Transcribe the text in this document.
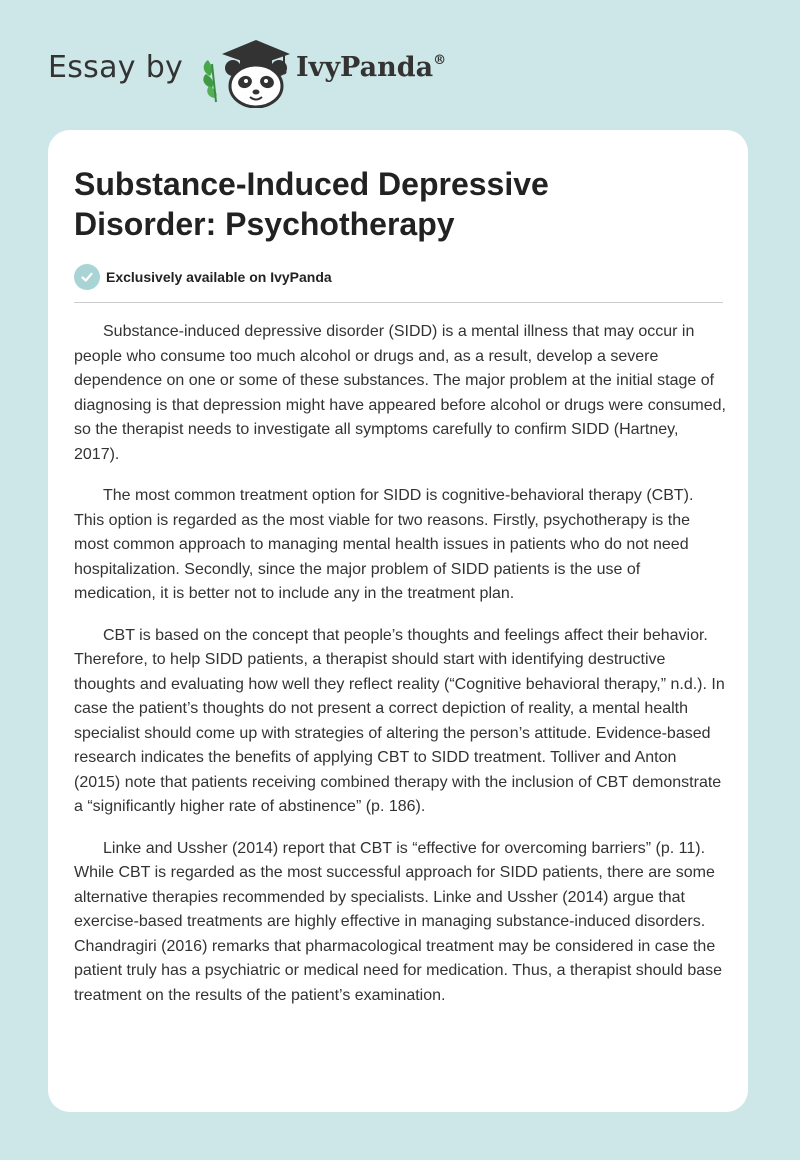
Essay by	IvyPanda®
Substance-Induced Depressive Disorder: Psychotherapy
Exclusively available on IvyPanda

Substance-induced depressive disorder (SIDD) is a mental illness that may occur in people who consume too much alcohol or drugs and, as a result, develop a severe dependence on one or some of these substances. The major problem at the initial stage of diagnosing is that depression might have appeared before alcohol or drugs were consumed, so the therapist needs to investigate all symptoms carefully to confirm SIDD (Hartney, 2017).

The most common treatment option for SIDD is cognitive-behavioral therapy (CBT). This option is regarded as the most viable for two reasons. Firstly, psychotherapy is the most common approach to managing mental health issues in patients who do not need hospitalization. Secondly, since the major problem of SIDD patients is the use of medication, it is better not to include any in the treatment plan.

CBT is based on the concept that people’s thoughts and feelings affect their behavior. Therefore, to help SIDD patients, a therapist should start with identifying destructive thoughts and evaluating how well they reflect reality (“Cognitive behavioral therapy,” n.d.). In case the patient’s thoughts do not present a correct depiction of reality, a mental health specialist should come up with strategies of altering the person’s attitude. Evidence-based research indicates the benefits of applying CBT to SIDD treatment. Tolliver and Anton (2015) note that patients receiving combined therapy with the inclusion of CBT demonstrate a “significantly higher rate of abstinence” (p. 186).

Linke and Ussher (2014) report that CBT is “effective for overcoming barriers” (p. 11). While CBT is regarded as the most successful approach for SIDD patients, there are some alternative therapies recommended by specialists. Linke and Ussher (2014) argue that exercise-based treatments are highly effective in managing substance-induced disorders. Chandragiri (2016) remarks that pharmacological treatment may be considered in case the patient truly has a psychiatric or medical need for medication. Thus, a therapist should base treatment on the results of the patient’s examination.
